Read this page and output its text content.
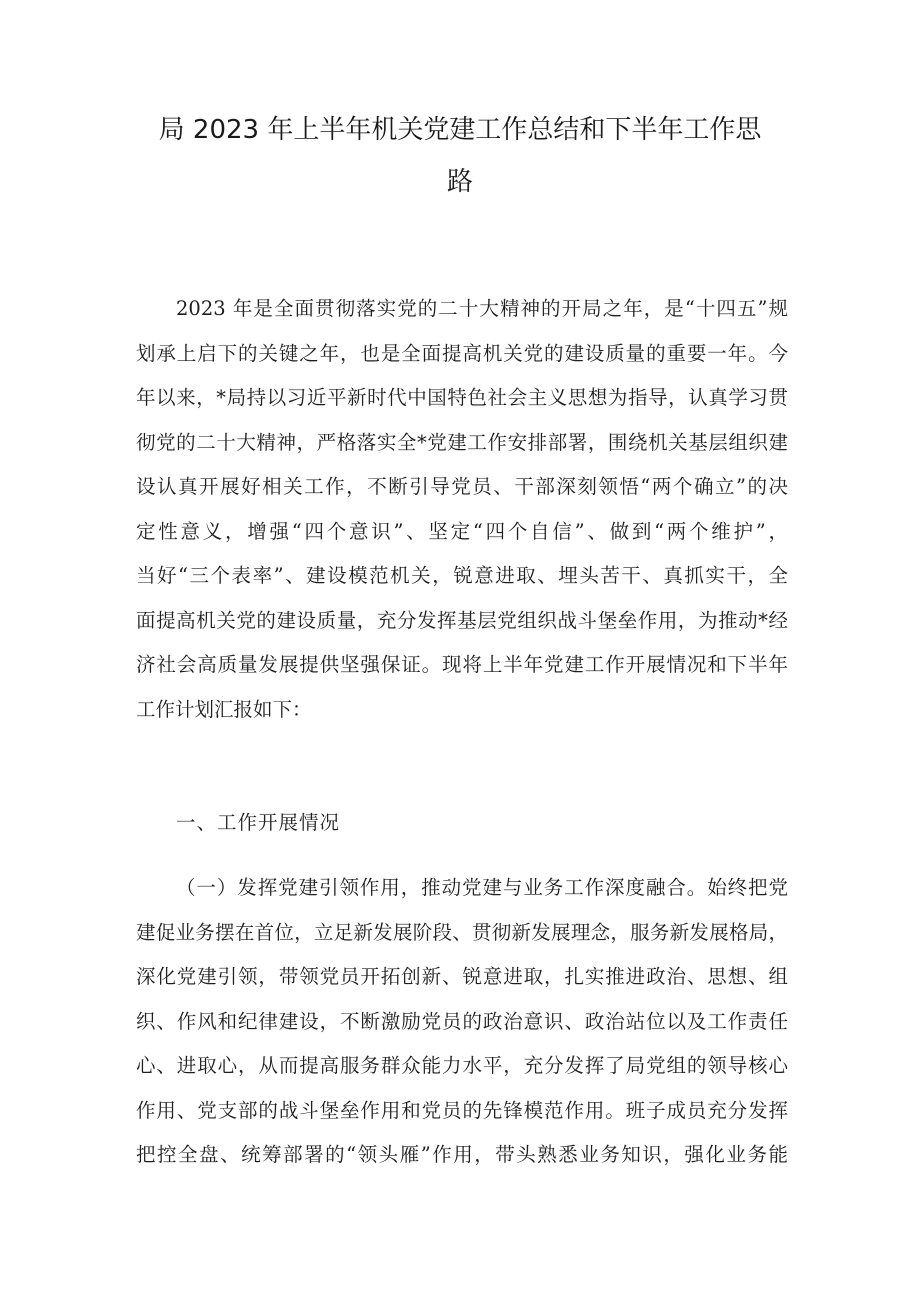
局 2023 年上半年机关党建工作总结和下半年工作思
路
2023 年是全面贯彻落实党的二十大精神的开局之年，是“十四五”规
划承上启下的关键之年，也是全面提高机关党的建设质量的重要一年。今
年以来，*局持以习近平新时代中国特色社会主义思想为指导，认真学习贯
彻党的二十大精神，严格落实全*党建工作安排部署，围绕机关基层组织建
设认真开展好相关工作，不断引导党员、干部深刻领悟“两个确立”的决
定性意义，增强“四个意识”、坚定“四个自信”、做到“两个维护”，
当好“三个表率”、建设模范机关，锐意进取、埋头苦干、真抓实干，全
面提高机关党的建设质量，充分发挥基层党组织战斗堡垒作用，为推动*经
济社会高质量发展提供坚强保证。现将上半年党建工作开展情况和下半年
工作计划汇报如下：
一、工作开展情况
（一）发挥党建引领作用，推动党建与业务工作深度融合。始终把党
建促业务摆在首位，立足新发展阶段、贯彻新发展理念，服务新发展格局，
深化党建引领，带领党员开拓创新、锐意进取，扎实推进政治、思想、组
织、作风和纪律建设，不断激励党员的政治意识、政治站位以及工作责任
心、进取心，从而提高服务群众能力水平，充分发挥了局党组的领导核心
作用、党支部的战斗堡垒作用和党员的先锋模范作用。班子成员充分发挥
把控全盘、统筹部署的“领头雁”作用，带头熟悉业务知识，强化业务能
